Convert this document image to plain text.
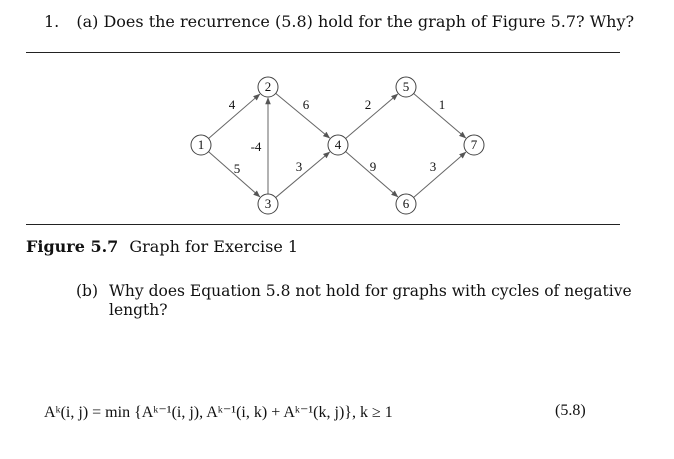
1. (a) Does the recurrence (5.8) hold for the graph of Figure 5.7? Why?
4
5
-4
6
3
2
9
1
3
1
2
3
4
5
6
7
Figure 5.7 Graph for Exercise 1
(b) Why does Equation 5.8 not hold for graphs with cycles of negative length?
Aᵏ(i, j) = min {Aᵏ⁻¹(i, j), Aᵏ⁻¹(i, k) + Aᵏ⁻¹(k, j)}, k ≥ 1	(5.8)
